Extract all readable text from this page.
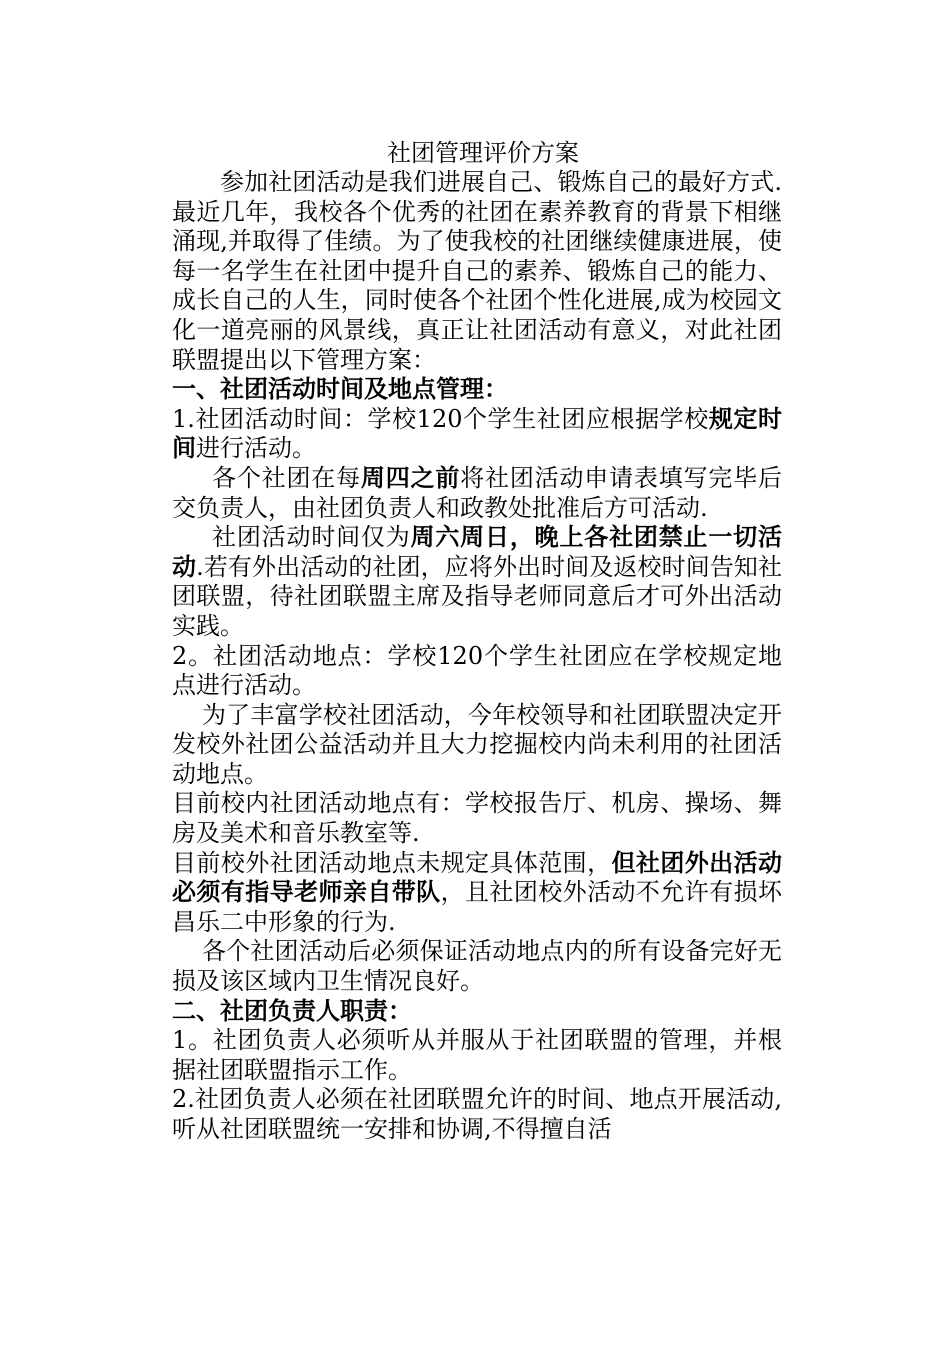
社团管理评价方案

参加社团活动是我们进展自己、锻炼自己的最好方式.最近几年，我校各个优秀的社团在素养教育的背景下相继涌现,并取得了佳绩。为了使我校的社团继续健康进展，使每一名学生在社团中提升自己的素养、锻炼自己的能力、成长自己的人生，同时使各个社团个性化进展,成为校园文化一道亮丽的风景线，真正让社团活动有意义，对此社团联盟提出以下管理方案：

一、社团活动时间及地点管理：

1.社团活动时间：学校120个学生社团应根据学校规定时间进行活动。

各个社团在每周四之前将社团活动申请表填写完毕后交负责人，由社团负责人和政教处批准后方可活动.

社团活动时间仅为周六周日，晚上各社团禁止一切活动.若有外出活动的社团，应将外出时间及返校时间告知社团联盟，待社团联盟主席及指导老师同意后才可外出活动实践。

2。社团活动地点：学校120个学生社团应在学校规定地点进行活动。

为了丰富学校社团活动，今年校领导和社团联盟决定开发校外社团公益活动并且大力挖掘校内尚未利用的社团活动地点。

目前校内社团活动地点有：学校报告厅、机房、操场、舞房及美术和音乐教室等.

目前校外社团活动地点未规定具体范围，但社团外出活动必须有指导老师亲自带队，且社团校外活动不允许有损坏昌乐二中形象的行为.

各个社团活动后必须保证活动地点内的所有设备完好无损及该区域内卫生情况良好。

二、社团负责人职责：

1。社团负责人必须听从并服从于社团联盟的管理，并根据社团联盟指示工作。

2.社团负责人必须在社团联盟允许的时间、地点开展活动,听从社团联盟统一安排和协调,不得擅自活
